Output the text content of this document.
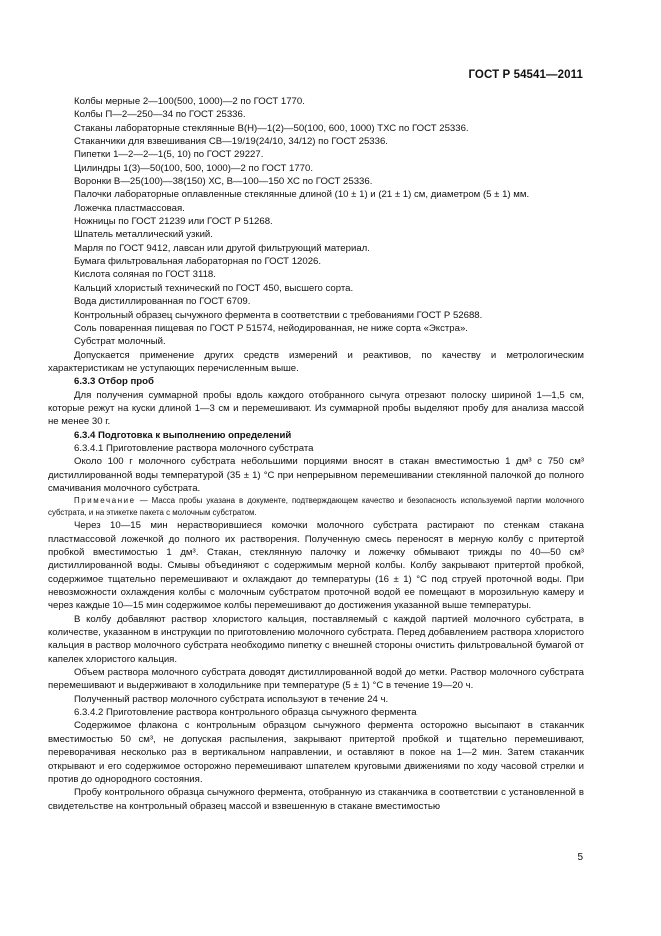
ГОСТ Р 54541—2011

Колбы мерные 2—100(500, 1000)—2 по ГОСТ 1770.

Колбы П—2—250—34 по ГОСТ 25336.

Стаканы лабораторные стеклянные В(Н)—1(2)—50(100, 600, 1000) ТХС по ГОСТ 25336.

Стаканчики для взвешивания СВ—19/19(24/10, 34/12) по ГОСТ 25336.

Пипетки 1—2—2—1(5, 10) по ГОСТ 29227.

Цилиндры 1(3)—50(100, 500, 1000)—2 по ГОСТ 1770.

Воронки В—25(100)—38(150) ХС, В—100—150 ХС по ГОСТ 25336.

Палочки лабораторные оплавленные стеклянные длиной (10 ± 1) и (21 ± 1) см, диаметром (5 ± 1) мм.

Ложечка пластмассовая.

Ножницы по ГОСТ 21239 или ГОСТ Р 51268.

Шпатель металлический узкий.

Марля по ГОСТ 9412, лавсан или другой фильтрующий материал.

Бумага фильтровальная лабораторная по ГОСТ 12026.

Кислота соляная по ГОСТ 3118.

Кальций хлористый технический по ГОСТ 450, высшего сорта.

Вода дистиллированная по ГОСТ 6709.

Контрольный образец сычужного фермента в соответствии с требованиями ГОСТ Р 52688.

Соль поваренная пищевая по ГОСТ Р 51574, нейодированная, не ниже сорта «Экстра».

Субстрат молочный.

Допускается применение других средств измерений и реактивов, по качеству и метрологическим характеристикам не уступающих перечисленным выше.

6.3.3 Отбор проб

Для получения суммарной пробы вдоль каждого отобранного сычуга отрезают полоску шириной 1—1,5 см, которые режут на куски длиной 1—3 см и перемешивают. Из суммарной пробы выделяют пробу для анализа массой не менее 30 г.

6.3.4 Подготовка к выполнению определений

6.3.4.1 Приготовление раствора молочного субстрата

Около 100 г молочного субстрата небольшими порциями вносят в стакан вместимостью 1 дм³ с 750 см³ дистиллированной воды температурой (35 ± 1) °С при непрерывном перемешивании стеклянной палочкой до полного смачивания молочного субстрата.

Примечание — Масса пробы указана в документе, подтверждающем качество и безопасность используемой партии молочного субстрата, и на этикетке пакета с молочным субстратом.

Через 10—15 мин нерастворившиеся комочки молочного субстрата растирают по стенкам стакана пластмассовой ложечкой до полного их растворения. Полученную смесь переносят в мерную колбу с притертой пробкой вместимостью 1 дм³. Стакан, стеклянную палочку и ложечку обмывают трижды по 40—50 см³ дистиллированной воды. Смывы объединяют с содержимым мерной колбы. Колбу закрывают притертой пробкой, содержимое тщательно перемешивают и охлаждают до температуры (16 ± 1) °С под струей проточной воды. При невозможности охлаждения колбы с молочным субстратом проточной водой ее помещают в морозильную камеру и через каждые 10—15 мин содержимое колбы перемешивают до достижения указанной выше температуры.

В колбу добавляют раствор хлористого кальция, поставляемый с каждой партией молочного субстрата, в количестве, указанном в инструкции по приготовлению молочного субстрата. Перед добавлением раствора хлористого кальция в раствор молочного субстрата необходимо пипетку с внешней стороны очистить фильтровальной бумагой от капелек хлористого кальция.

Объем раствора молочного субстрата доводят дистиллированной водой до метки. Раствор молочного субстрата перемешивают и выдерживают в холодильнике при температуре (5 ± 1) °С в течение 19—20 ч.

Полученный раствор молочного субстрата используют в течение 24 ч.

6.3.4.2 Приготовление раствора контрольного образца сычужного фермента

Содержимое флакона с контрольным образцом сычужного фермента осторожно высыпают в стаканчик вместимостью 50 см³, не допуская распыления, закрывают притертой пробкой и тщательно перемешивают, переворачивая несколько раз в вертикальном направлении, и оставляют в покое на 1—2 мин. Затем стаканчик открывают и его содержимое осторожно перемешивают шпателем круговыми движениями по ходу часовой стрелки и против до однородного состояния.

Пробу контрольного образца сычужного фермента, отобранную из стаканчика в соответствии с установленной в свидетельстве на контрольный образец массой и взвешенную в стакане вместимостью

5
